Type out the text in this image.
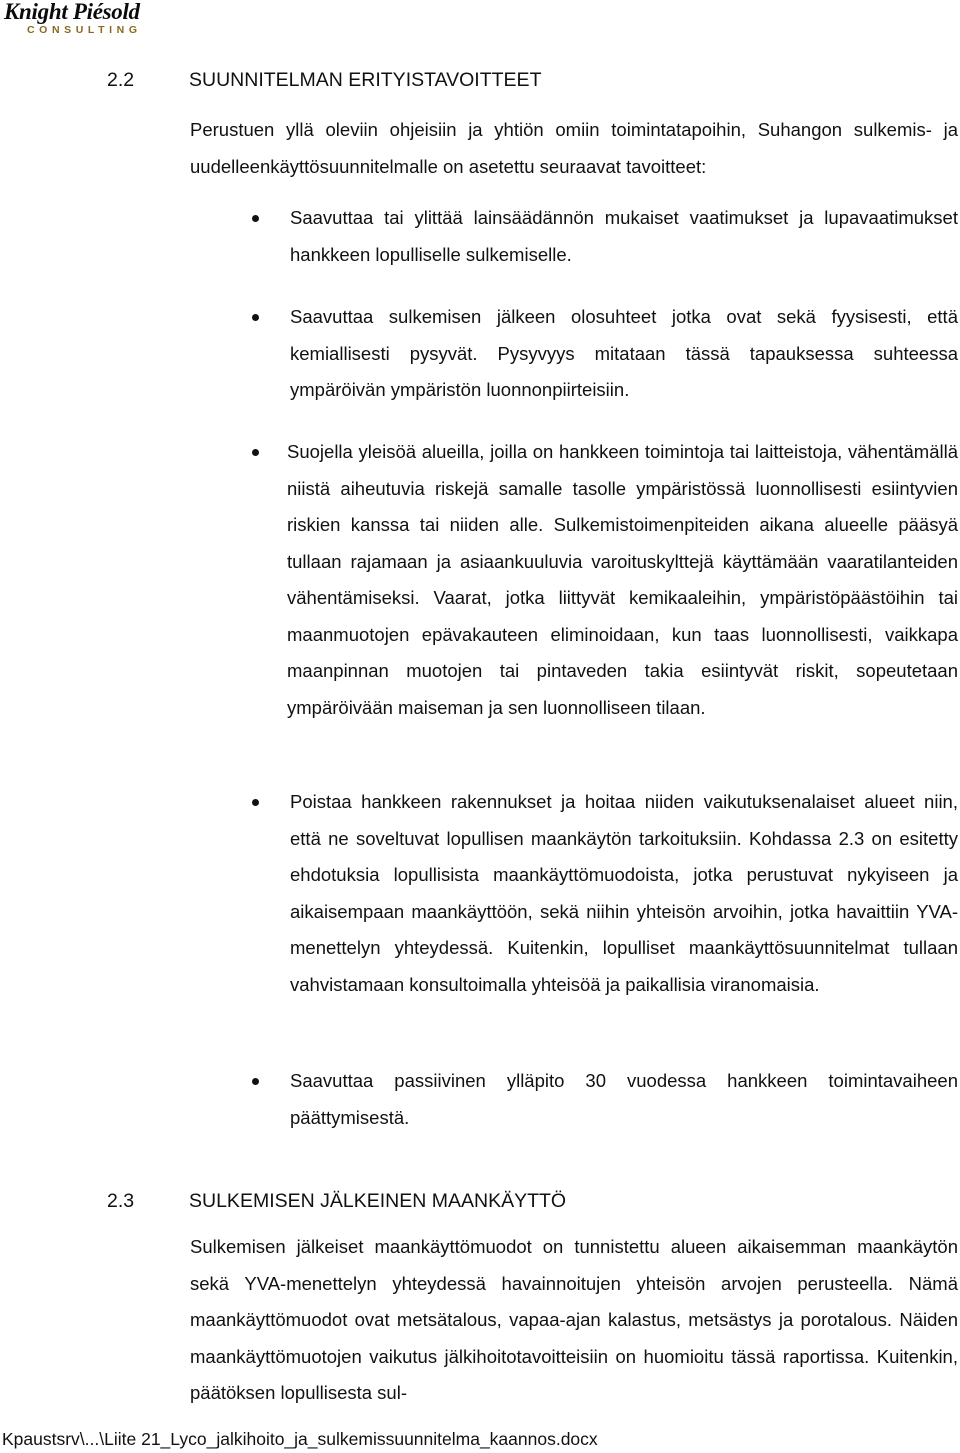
Knight Piésold
CONSULTING
2.2	SUUNNITELMAN ERITYISTAVOITTEET
Perustuen yllä oleviin ohjeisiin ja yhtiön omiin toimintatapoihin, Suhangon sulkemis- ja uudelleenkäyttösuunnitelmalle on asetettu seuraavat tavoitteet:
Saavuttaa tai ylittää lainsäädännön mukaiset vaatimukset ja lupavaatimukset hankkeen lopulliselle sulkemiselle.
Saavuttaa sulkemisen jälkeen olosuhteet jotka ovat sekä fyysisesti, että kemiallisesti pysyvät. Pysyvyys mitataan tässä tapauksessa suhteessa ympäröivän ympäristön luonnonpiirteisiin.
Suojella yleisöä alueilla, joilla on hankkeen toimintoja tai laitteistoja, vähentämällä niistä aiheutuvia riskejä samalle tasolle ympäristössä luonnollisesti esiintyvien riskien kanssa tai niiden alle. Sulkemistoimenpiteiden aikana alueelle pääsyä tullaan rajamaan ja asiaankuuluvia varoituskylttejä käyttämään vaaratilanteiden vähentämiseksi. Vaarat, jotka liittyvät kemikaaleihin, ympäristöpäästöihin tai maanmuotojen epävakauteen eliminoidaan, kun taas luonnollisesti, vaikkapa maanpinnan muotojen tai pintaveden takia esiintyvät riskit, sopeutetaan ympäröivään maiseman ja sen luonnolliseen tilaan.
Poistaa hankkeen rakennukset ja hoitaa niiden vaikutuksenalaiset alueet niin, että ne soveltuvat lopullisen maankäytön tarkoituksiin. Kohdassa 2.3 on esitetty ehdotuksia lopullisista maankäyttömuodoista, jotka perustuvat nykyiseen ja aikaisempaan maankäyttöön, sekä niihin yhteisön arvoihin, jotka havaittiin YVA-menettelyn yhteydessä. Kuitenkin, lopulliset maankäyttösuunnitelmat tullaan vahvistamaan konsultoimalla yhteisöä ja paikallisia viranomaisia.
Saavuttaa passiivinen ylläpito 30 vuodessa hankkeen toimintavaiheen päättymisestä.
2.3	SULKEMISEN JÄLKEINEN MAANKÄYTTÖ
Sulkemisen jälkeiset maankäyttömuodot on tunnistettu alueen aikaisemman maankäytön sekä YVA-menettelyn yhteydessä havainnoitujen yhteisön arvojen perusteella. Nämä maankäyttömuodot ovat metsätalous, vapaa-ajan kalastus, metsästys ja porotalous. Näiden maankäyttömuotojen vaikutus jälkihoitotavoitteisiin on huomioitu tässä raportissa. Kuitenkin, päätöksen lopullisesta sul-
Kpaustsrv\...\Liite 21_Lyco_jalkihoito_ja_sulkemissuunnitelma_kaannos.docx
